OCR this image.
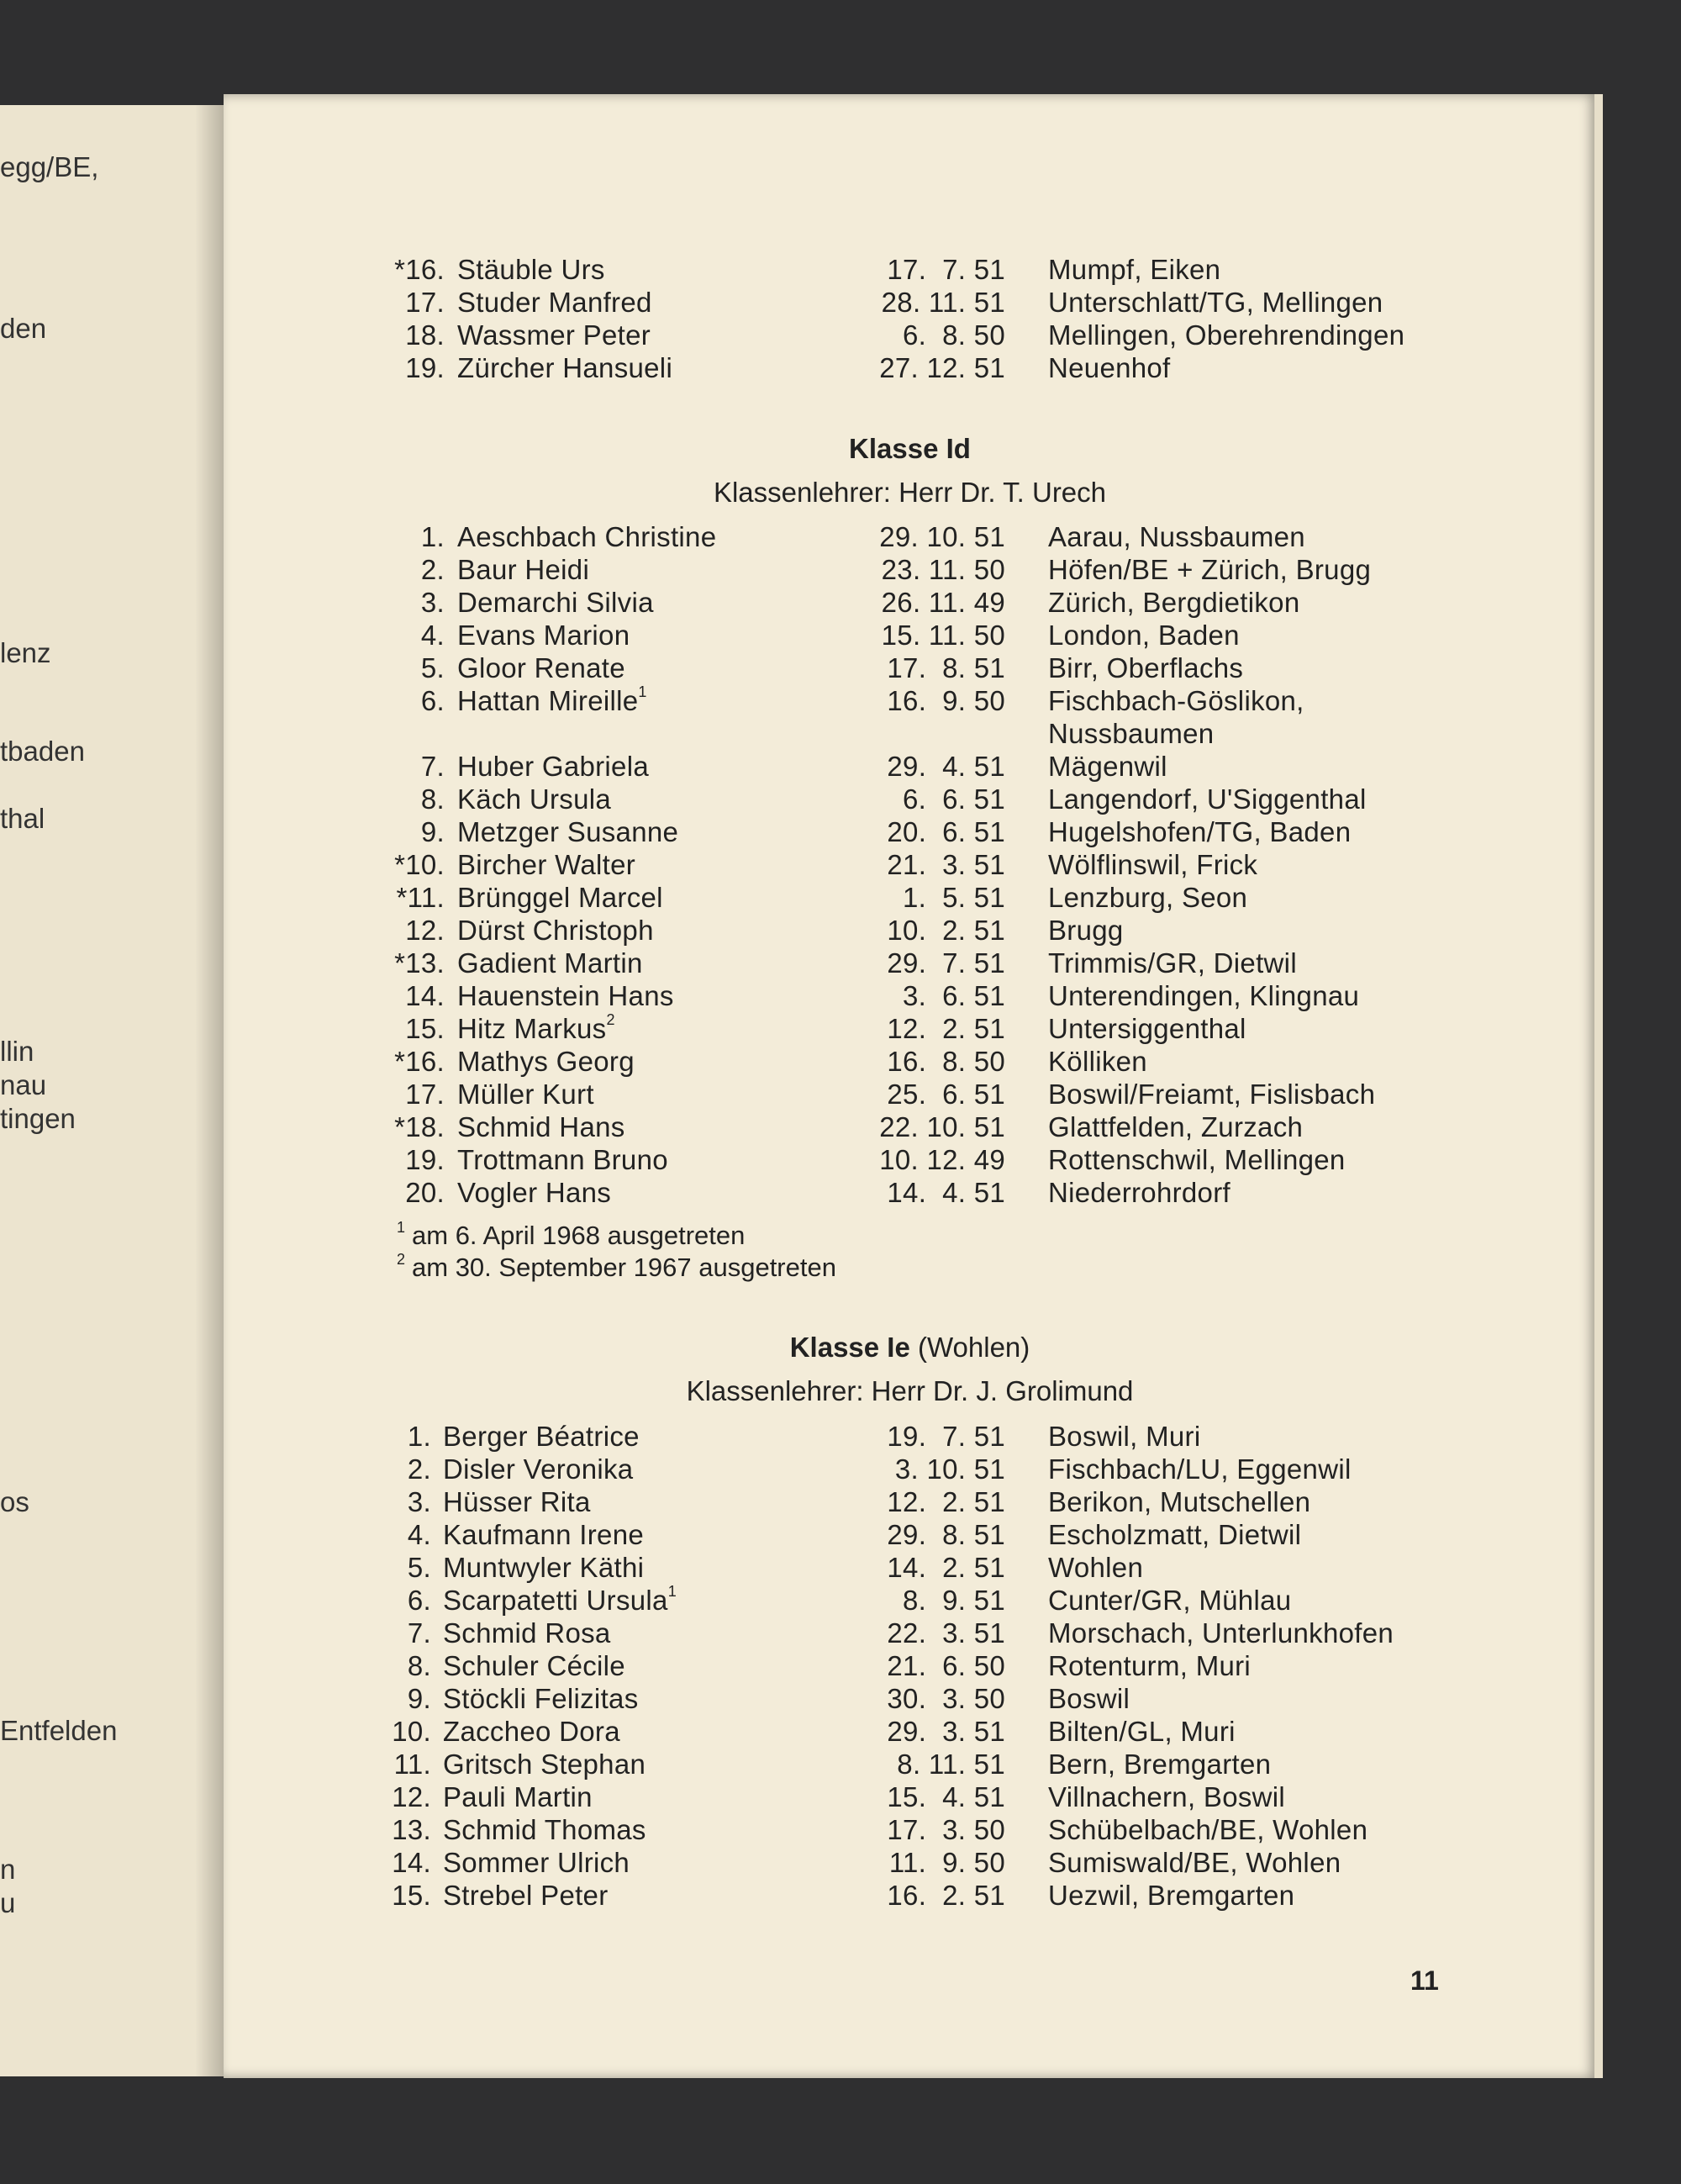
egg/BE,
den
lenz
tbaden
thal
llin
nau
tingen
os
Entfelden
n
u
*16. Stäuble Urs	17.  7. 51 Mumpf, Eiken
17. Studer Manfred	28. 11. 51 Unterschlatt/TG, Mellingen
18. Wassmer Peter	6.  8. 50 Mellingen, Oberehrendingen
19. Zürcher Hansueli	27. 12. 51 Neuenhof
Klasse Id
Klassenlehrer: Herr Dr. T. Urech
1. Aeschbach Christine	29. 10. 51 Aarau, Nussbaumen
2. Baur Heidi	23. 11. 50 Höfen/BE + Zürich, Brugg
3. Demarchi Silvia	26. 11. 49 Zürich, Bergdietikon
4. Evans Marion	15. 11. 50 London, Baden
5. Gloor Renate	17.  8. 51 Birr, Oberflachs
6. Hattan Mireille$^1$	16.  9. 50 Fischbach-Göslikon,
Nussbaumen
7. Huber Gabriela	29.  4. 51 Mägenwil
8. Käch Ursula	6.  6. 51 Langendorf, U'Siggenthal
9. Metzger Susanne	20.  6. 51 Hugelshofen/TG, Baden
*10. Bircher Walter	21.  3. 51 Wölflinswil, Frick
*11. Brünggel Marcel	1.  5. 51 Lenzburg, Seon
12. Dürst Christoph	10.  2. 51 Brugg
*13. Gadient Martin	29.  7. 51 Trimmis/GR, Dietwil
14. Hauenstein Hans	3.  6. 51 Unterendingen, Klingnau
15. Hitz Markus$^2$	12.  2. 51 Untersiggenthal
*16. Mathys Georg	16.  8. 50 Kölliken
17. Müller Kurt	25.  6. 51 Boswil/Freiamt, Fislisbach
*18. Schmid Hans	22. 10. 51 Glattfelden, Zurzach
19. Trottmann Bruno	10. 12. 49 Rottenschwil, Mellingen
20. Vogler Hans	14.  4. 51 Niederrohrdorf
$^1$ am 6. April 1968 ausgetreten
$^2$ am 30. September 1967 ausgetreten
Klasse Ie (Wohlen)
Klassenlehrer: Herr Dr. J. Grolimund
1. Berger Béatrice	19.  7. 51 Boswil, Muri
2. Disler Veronika	3. 10. 51 Fischbach/LU, Eggenwil
3. Hüsser Rita	12.  2. 51 Berikon, Mutschellen
4. Kaufmann Irene	29.  8. 51 Escholzmatt, Dietwil
5. Muntwyler Käthi	14.  2. 51 Wohlen
6. Scarpatetti Ursula$^1$	8.  9. 51 Cunter/GR, Mühlau
7. Schmid Rosa	22.  3. 51 Morschach, Unterlunkhofen
8. Schuler Cécile	21.  6. 50 Rotenturm, Muri
9. Stöckli Felizitas	30.  3. 50 Boswil
10. Zaccheo Dora	29.  3. 51 Bilten/GL, Muri
11. Gritsch Stephan	8. 11. 51 Bern, Bremgarten
12. Pauli Martin	15.  4. 51 Villnachern, Boswil
13. Schmid Thomas	17.  3. 50 Schübelbach/BE, Wohlen
14. Sommer Ulrich	11.  9. 50 Sumiswald/BE, Wohlen
15. Strebel Peter	16.  2. 51 Uezwil, Bremgarten
11
